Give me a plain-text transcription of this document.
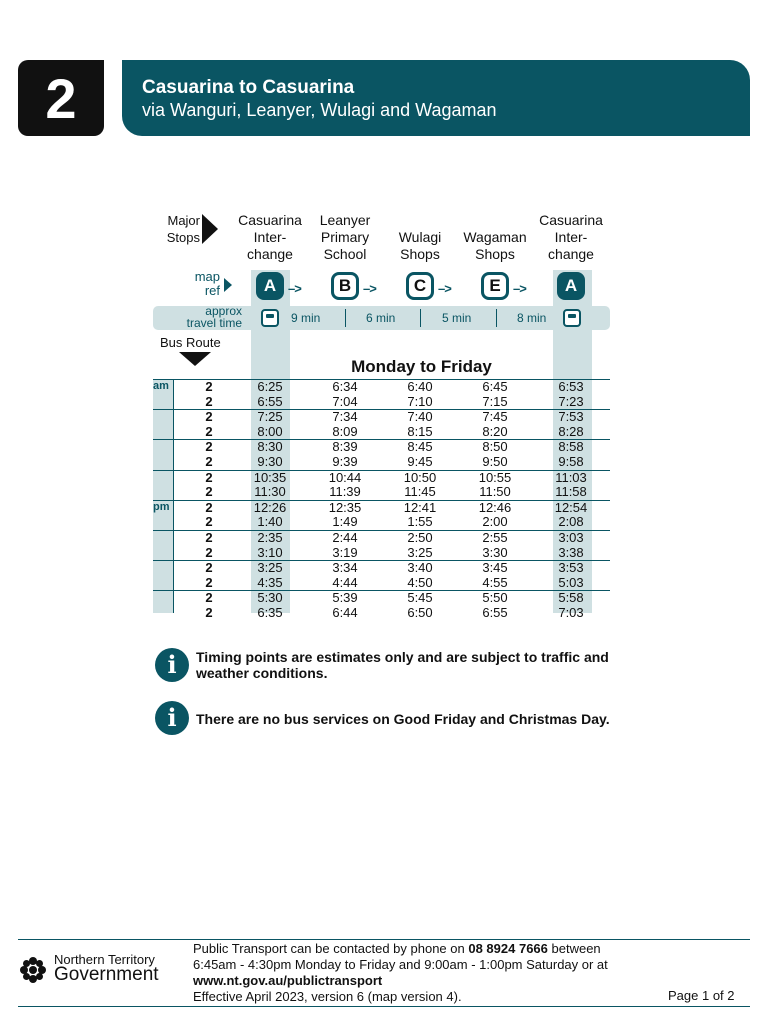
2	Casuarina to Casuarina
via Wanguri, Leanyer, Wulagi and Wagaman
Major
Stops
Casuarina
Inter-
change
Leanyer
Primary
School
Wulagi
Shops
Wagaman
Shops
Casuarina
Inter-
change
map
ref	A –>	B –>	C –>	E –>	A
approx
travel time	9 min	6 min	5 min	8 min
Bus Route
Monday to Friday
am	2	6:25	6:34	6:40	6:45	6:53
2	6:55	7:04	7:10	7:15	7:23
2	7:25	7:34	7:40	7:45	7:53
2	8:00	8:09	8:15	8:20	8:28
2	8:30	8:39	8:45	8:50	8:58
2	9:30	9:39	9:45	9:50	9:58
2	10:35	10:44	10:50	10:55	11:03
2	11:30	11:39	11:45	11:50	11:58
pm	2	12:26	12:35	12:41	12:46	12:54
2	1:40	1:49	1:55	2:00	2:08
2	2:35	2:44	2:50	2:55	3:03
2	3:10	3:19	3:25	3:30	3:38
2	3:25	3:34	3:40	3:45	3:53
2	4:35	4:44	4:50	4:55	5:03
2	5:30	5:39	5:45	5:50	5:58
2	6:35	6:44	6:50	6:55	7:03
i	Timing points are estimates only and are subject to traffic and
weather conditions.
i	There are no bus services on Good Friday and Christmas Day.
Northern Territory
Government
Public Transport can be contacted by phone on 08 8924 7666 between
6:45am - 4:30pm Monday to Friday and 9:00am - 1:00pm Saturday or at
www.nt.gov.au/publictransport
Effective April 2023, version 6 (map version 4).	Page 1 of 2
